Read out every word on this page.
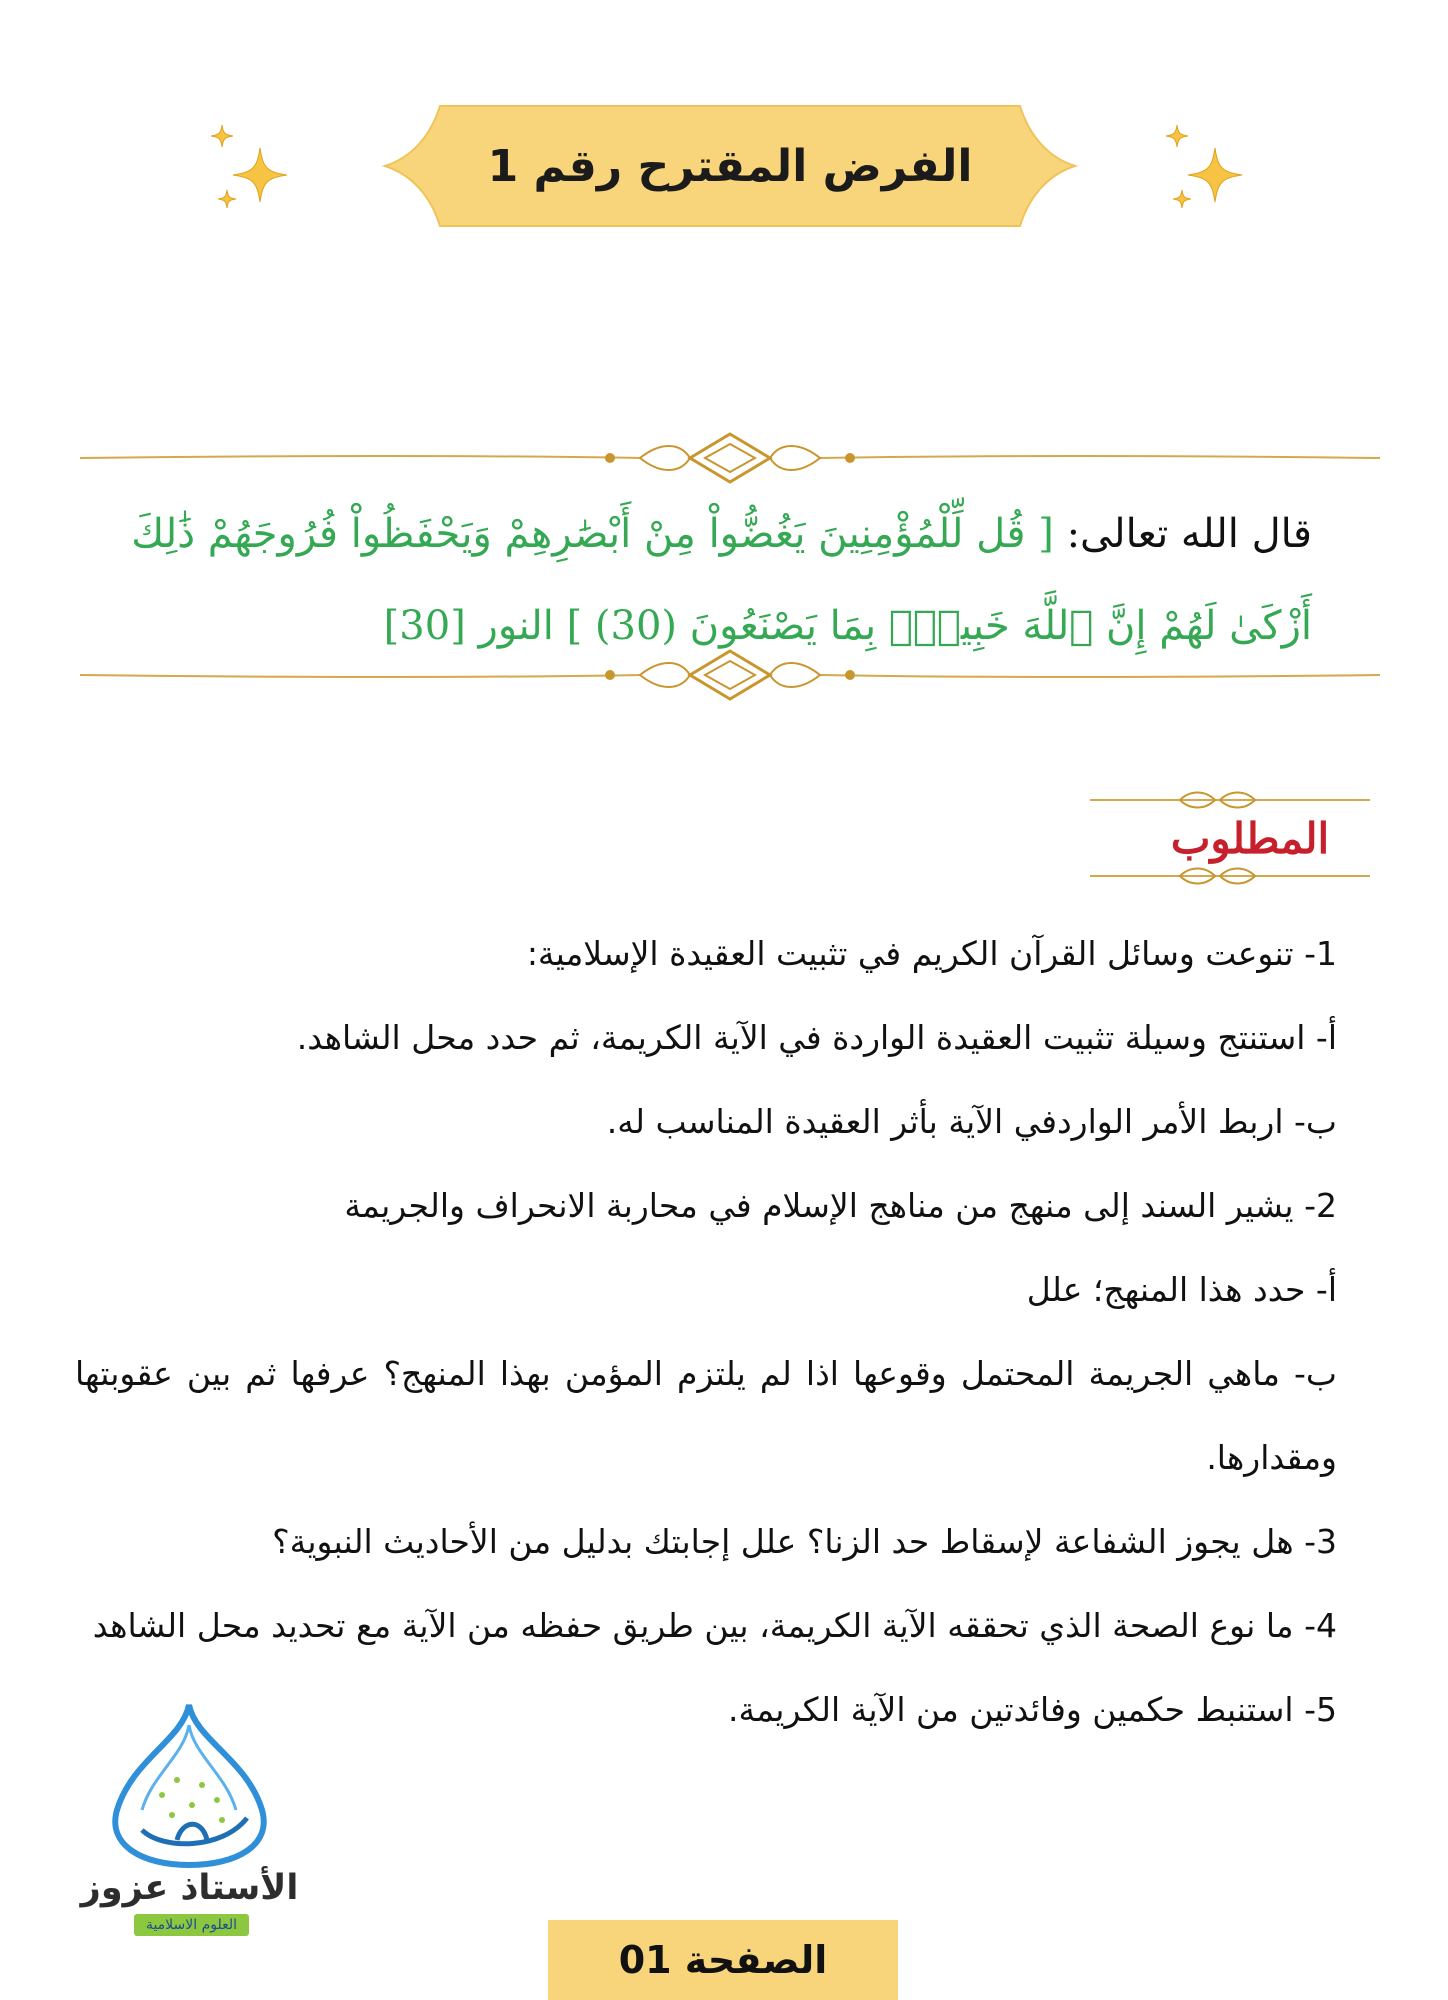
الفرض المقترح رقم 1
قال الله تعالى: [ قُل لِّلْمُؤْمِنِينَ يَغُضُّواْ مِنْ أَبْصَٰرِهِمْ وَيَحْفَظُواْ فُرُوجَهُمْ ذَٰلِكَ أَزْكَىٰ لَهُمْ إِنَّ ٱللَّهَ خَبِيرُۢ بِمَا يَصْنَعُونَ (30) ] النور [30]
المطلوب

1- تنوعت وسائل القرآن الكريم في تثبيت العقيدة الإسلامية:

أ- استنتج وسيلة تثبيت العقيدة الواردة في الآية الكريمة، ثم حدد محل الشاهد.

ب- اربط الأمر الواردفي الآية بأثر العقيدة المناسب له.

2- يشير السند إلى منهج من مناهج الإسلام في محاربة الانحراف والجريمة

أ- حدد هذا المنهج؛ علل

ب- ماهي الجريمة المحتمل وقوعها اذا لم يلتزم المؤمن بهذا المنهج؟ عرفها ثم بين عقوبتها ومقدارها.

3- هل يجوز الشفاعة لإسقاط حد الزنا؟ علل إجابتك بدليل من الأحاديث النبوية؟

4- ما نوع الصحة الذي تحققه الآية الكريمة، بين طريق حفظه من الآية مع تحديد محل الشاهد

5- استنبط حكمين وفائدتين من الآية الكريمة.

الأستاذ عزوز
العلوم الاسلامية
الصفحة 01
